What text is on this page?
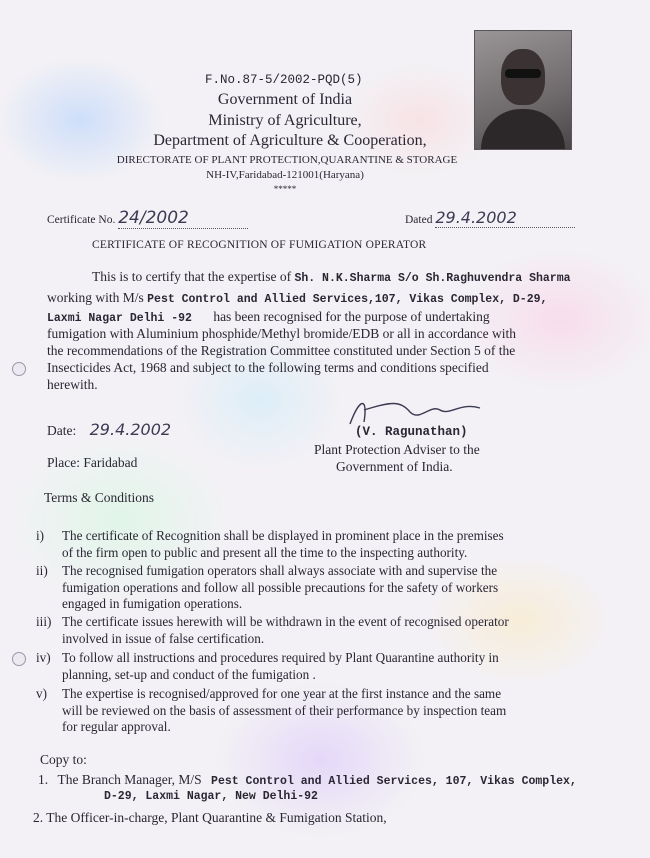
F.No.87-5/2002-PQD(5)
Government of India
Ministry of Agriculture,
Department of Agriculture & Cooperation,
DIRECTORATE OF PLANT PROTECTION,QUARANTINE & STORAGE
NH-IV,Faridabad-121001(Haryana)
*****
Certificate No. 24/2002	Dated 29.4.2002
CERTIFICATE OF RECOGNITION OF FUMIGATION OPERATOR
This is to certify that the expertise of Sh. N.K.Sharma S/o Sh.Raghuvendra Sharma
working with M/s Pest Control and Allied Services,107, Vikas Complex, D-29,
Laxmi Nagar Delhi -92 has been recognised for the purpose of undertaking
fumigation with Aluminium phosphide/Methyl bromide/EDB or all in accordance with
the recommendations of the Registration Committee constituted under Section 5 of the
Insecticides Act, 1968 and subject to the following terms and conditions specified
herewith.
Date: 29.4.2002	(V. Ragunathan)
Plant Protection Adviser to the
Government of India.
Place: Faridabad
Terms & Conditions
i) The certificate of Recognition shall be displayed in prominent place in the premises
of the firm open to public and present all the time to the inspecting authority.
ii) The recognised fumigation operators shall always associate with and supervise the
fumigation operations and follow all possible precautions for the safety of workers
engaged in fumigation operations.
iii) The certificate issues herewith will be withdrawn in the event of recognised operator
involved in issue of false certification.
iv) To follow all instructions and procedures required by Plant Quarantine authority in
planning, set-up and conduct of the fumigation .
v) The expertise is recognised/approved for one year at the first instance and the same
will be reviewed on the basis of assessment of their performance by inspection team
for regular approval.
Copy to:
1. The Branch Manager, M/S Pest Control and Allied Services, 107, Vikas Complex,
D-29, Laxmi Nagar, New Delhi-92
2. The Officer-in-charge, Plant Quarantine & Fumigation Station,
